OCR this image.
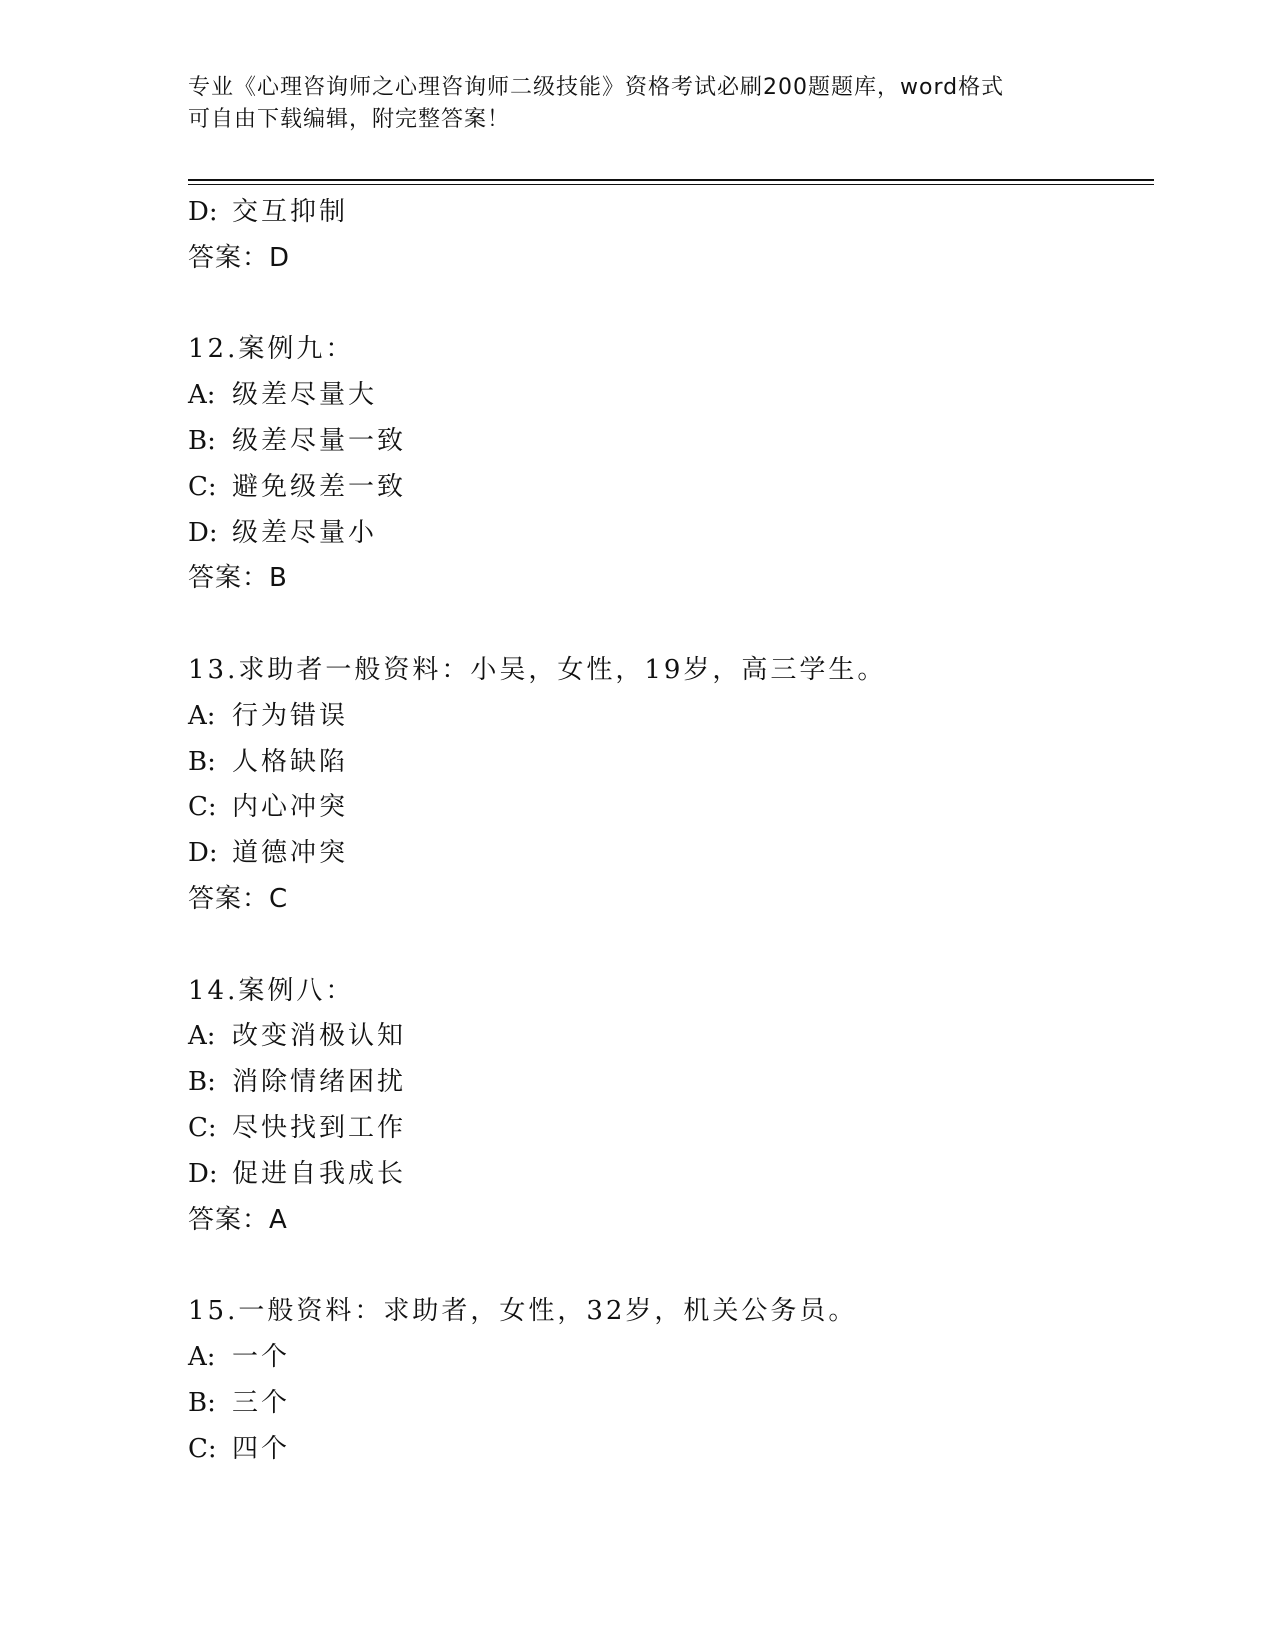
专业《心理咨询师之心理咨询师二级技能》资格考试必刷200题题库，word格式
可自由下载编辑，附完整答案！
D: 交互抑制
答案：D
12.案例九：
A: 级差尽量大
B: 级差尽量一致
C: 避免级差一致
D: 级差尽量小
答案：B
13.求助者一般资料：小吴，女性，19岁，高三学生。
A: 行为错误
B: 人格缺陷
C: 内心冲突
D: 道德冲突
答案：C
14.案例八：
A: 改变消极认知
B: 消除情绪困扰
C: 尽快找到工作
D: 促进自我成长
答案：A
15.一般资料：求助者，女性，32岁，机关公务员。
A: 一个
B: 三个
C: 四个
